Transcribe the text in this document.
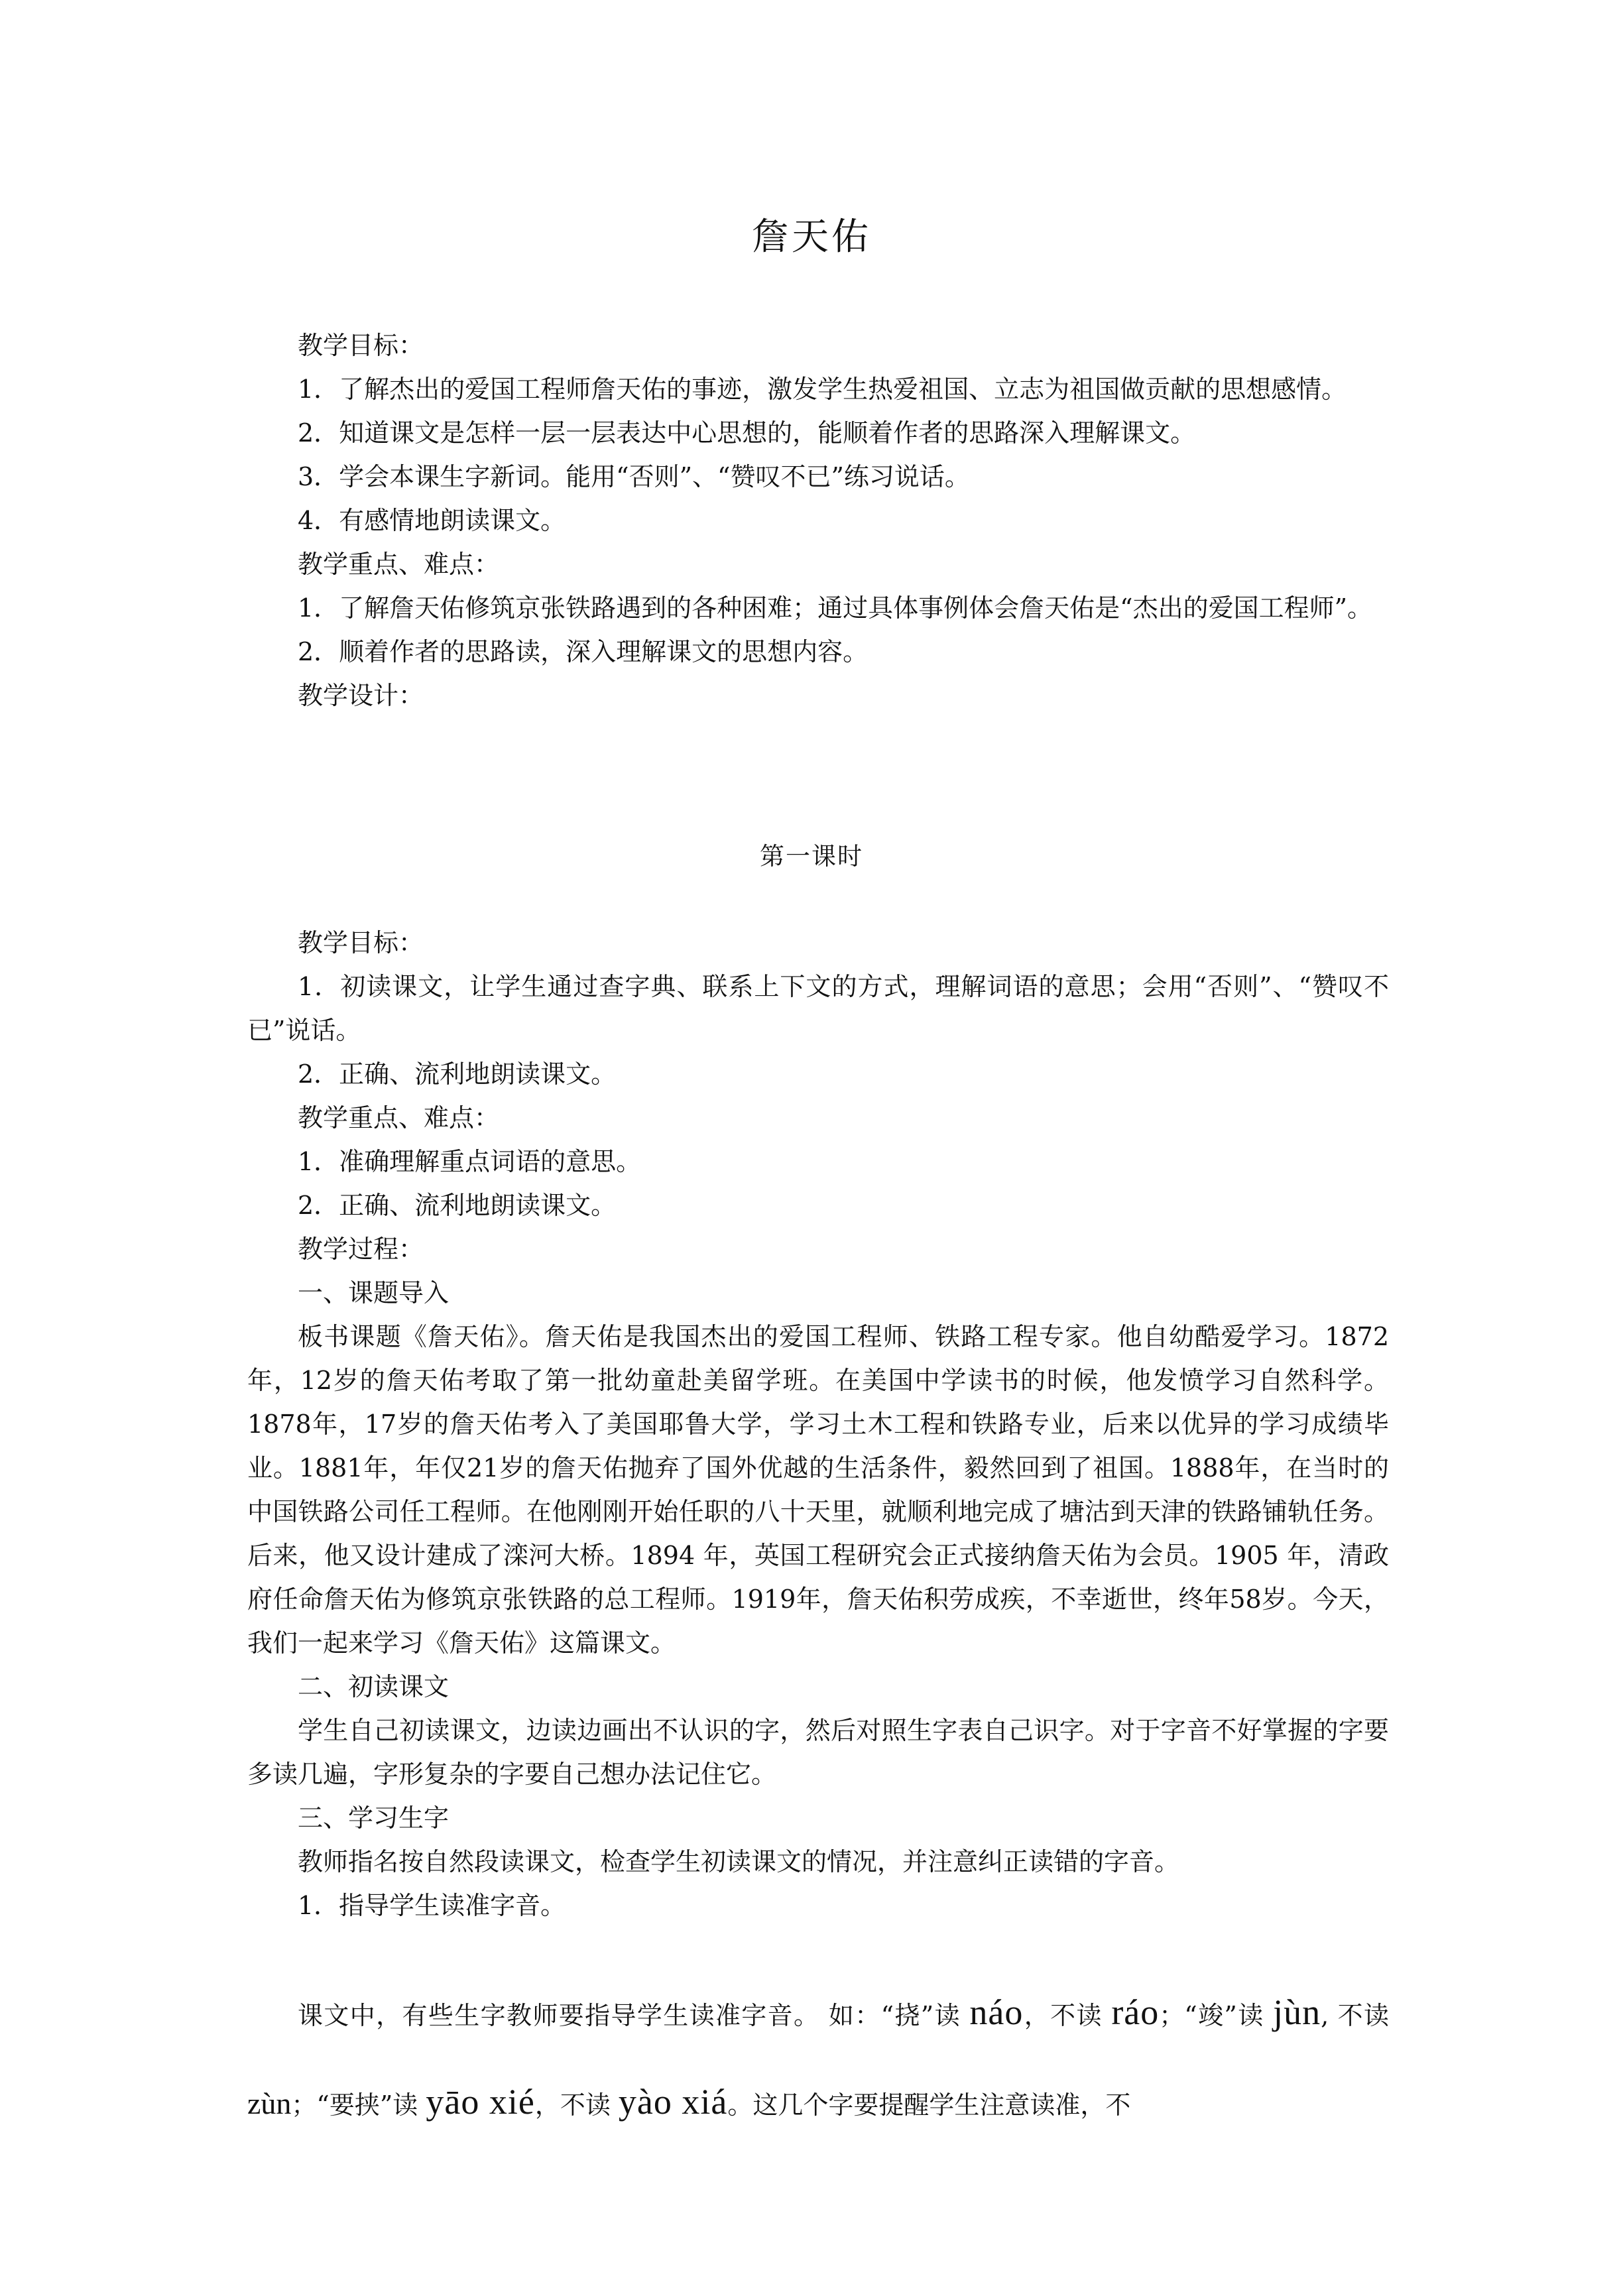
詹天佑

教学目标：

1．了解杰出的爱国工程师詹天佑的事迹，激发学生热爱祖国、立志为祖国做贡献的思想感情。

2．知道课文是怎样一层一层表达中心思想的，能顺着作者的思路深入理解课文。

3．学会本课生字新词。能用“否则”、“赞叹不已”练习说话。

4．有感情地朗读课文。

教学重点、难点：

1．了解詹天佑修筑京张铁路遇到的各种困难；通过具体事例体会詹天佑是“杰出的爱国工程师”。

2．顺着作者的思路读，深入理解课文的思想内容。

教学设计：

第一课时

教学目标：

1．初读课文，让学生通过查字典、联系上下文的方式，理解词语的意思；会用“否则”、“赞叹不已”说话。

2．正确、流利地朗读课文。

教学重点、难点：

1．准确理解重点词语的意思。

2．正确、流利地朗读课文。

教学过程：

一、课题导入

板书课题《詹天佑》。詹天佑是我国杰出的爱国工程师、铁路工程专家。他自幼酷爱学习。1872年，12岁的詹天佑考取了第一批幼童赴美留学班。在美国中学读书的时候，他发愤学习自然科学。1878年，17岁的詹天佑考入了美国耶鲁大学，学习土木工程和铁路专业，后来以优异的学习成绩毕业。1881年，年仅21岁的詹天佑抛弃了国外优越的生活条件，毅然回到了祖国。1888年，在当时的中国铁路公司任工程师。在他刚刚开始任职的八十天里，就顺利地完成了塘沽到天津的铁路铺轨任务。后来，他又设计建成了滦河大桥。1894 年，英国工程研究会正式接纳詹天佑为会员。1905 年，清政府任命詹天佑为修筑京张铁路的总工程师。1919年，詹天佑积劳成疾，不幸逝世，终年58岁。今天，我们一起来学习《詹天佑》这篇课文。

二、初读课文

学生自己初读课文，边读边画出不认识的字，然后对照生字表自己识字。对于字音不好掌握的字要多读几遍，字形复杂的字要自己想办法记住它。

三、学习生字

教师指名按自然段读课文，检查学生初读课文的情况，并注意纠正读错的字音。

1．指导学生读准字音。

课文中，有些生字教师要指导学生读准字音。 如：“挠”读 náo，不读 ráo；“竣”读 jùn, 不读 zùn；“要挟”读 yāo xié，不读 yào xiá。这几个字要提醒学生注意读准，不
